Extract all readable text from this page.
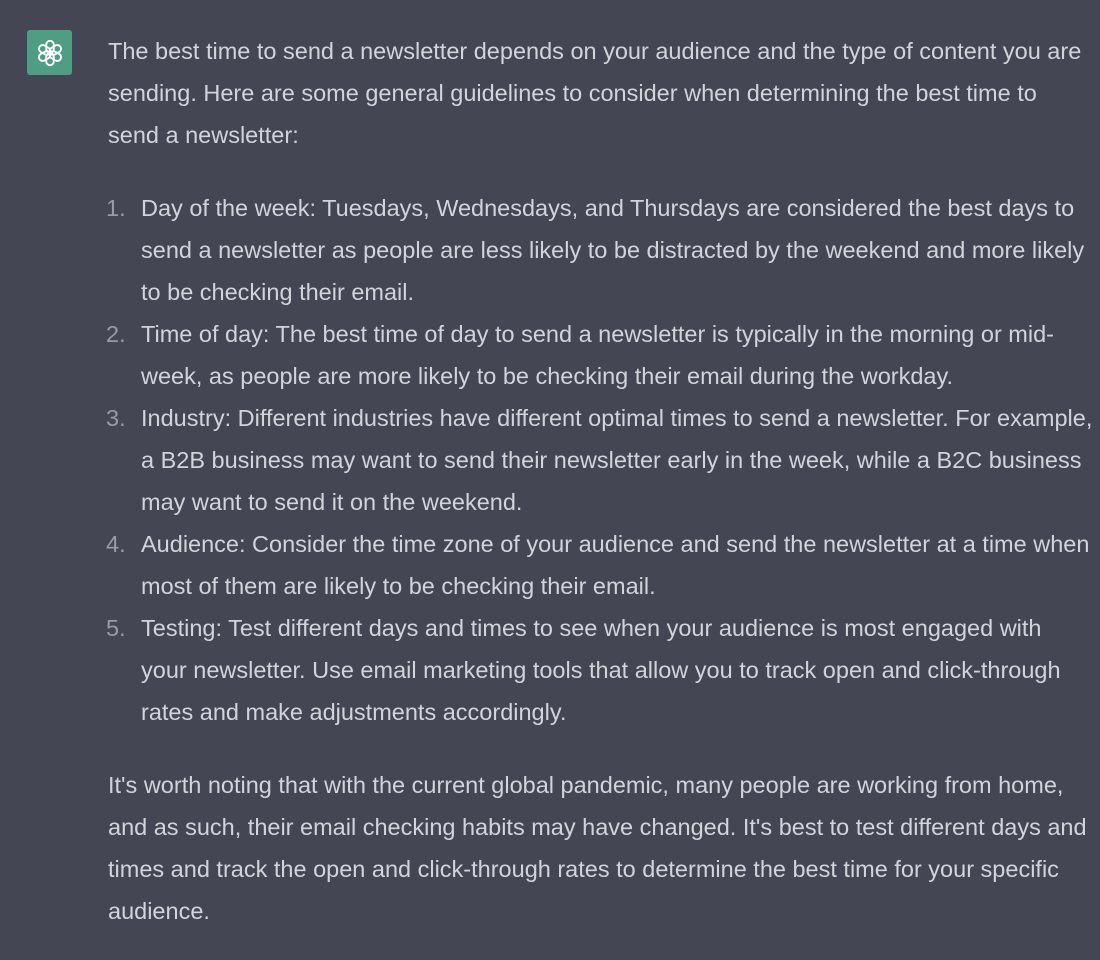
The best time to send a newsletter depends on your audience and the type of content you are sending. Here are some general guidelines to consider when determining the best time to send a newsletter:

1. Day of the week: Tuesdays, Wednesdays, and Thursdays are considered the best days to send a newsletter as people are less likely to be distracted by the weekend and more likely to be checking their email.
2. Time of day: The best time of day to send a newsletter is typically in the morning or mid-week, as people are more likely to be checking their email during the workday.
3. Industry: Different industries have different optimal times to send a newsletter. For example, a B2B business may want to send their newsletter early in the week, while a B2C business may want to send it on the weekend.
4. Audience: Consider the time zone of your audience and send the newsletter at a time when most of them are likely to be checking their email.
5. Testing: Test different days and times to see when your audience is most engaged with your newsletter. Use email marketing tools that allow you to track open and click-through rates and make adjustments accordingly.

It's worth noting that with the current global pandemic, many people are working from home, and as such, their email checking habits may have changed. It's best to test different days and times and track the open and click-through rates to determine the best time for your specific audience.
